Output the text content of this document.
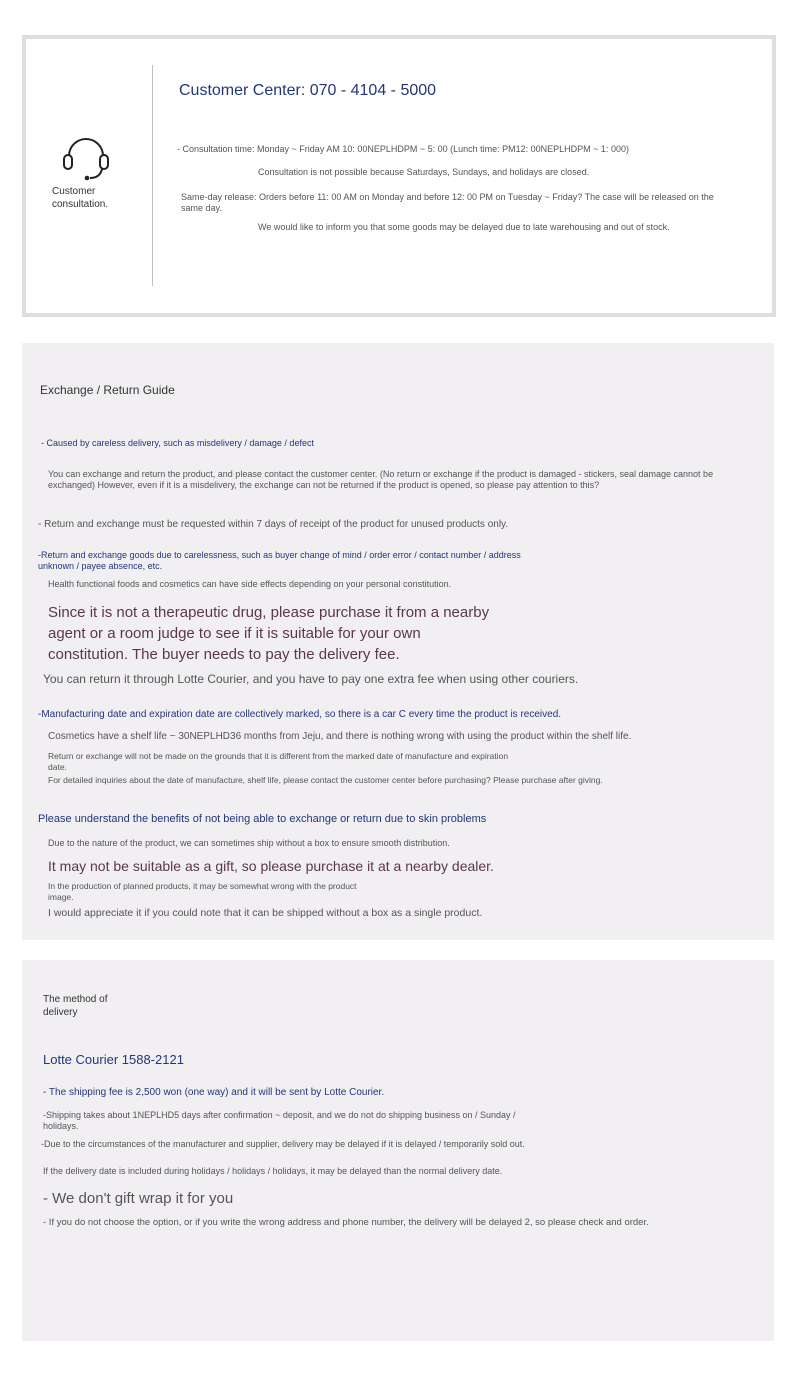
Customer consultation.
Customer Center: 070 - 4104 - 5000
- Consultation time: Monday ~ Friday AM 10: 00NEPLHDPM ~ 5: 00 (Lunch time: PM12: 00NEPLHDPM ~ 1: 000)
Consultation is not possible because Saturdays, Sundays, and holidays are closed.
Same-day release: Orders before 11: 00 AM on Monday and before 12: 00 PM on Tuesday ~ Friday? The case will be released on the same day.
We would like to inform you that some goods may be delayed due to late warehousing and out of stock.
Exchange / Return Guide
- Caused by careless delivery, such as misdelivery / damage / defect
You can exchange and return the product, and please contact the customer center. (No return or exchange if the product is damaged - stickers, seal damage cannot be exchanged) However, even if it is a misdelivery, the exchange can not be returned if the product is opened, so please pay attention to this?
- Return and exchange must be requested within 7 days of receipt of the product for unused products only.
-Return and exchange goods due to carelessness, such as buyer change of mind / order error / contact number / address unknown / payee absence, etc.
Health functional foods and cosmetics can have side effects depending on your personal constitution.
Since it is not a therapeutic drug, please purchase it from a nearby agent or a room judge to see if it is suitable for your own constitution. The buyer needs to pay the delivery fee.
You can return it through Lotte Courier, and you have to pay one extra fee when using other couriers.
-Manufacturing date and expiration date are collectively marked, so there is a car C every time the product is received.
Cosmetics have a shelf life ~ 30NEPLHD36 months from Jeju, and there is nothing wrong with using the product within the shelf life.
Return or exchange will not be made on the grounds that it is different from the marked date of manufacture and expiration date.
For detailed inquiries about the date of manufacture, shelf life, please contact the customer center before purchasing? Please purchase after giving.
Please understand the benefits of not being able to exchange or return due to skin problems
Due to the nature of the product, we can sometimes ship without a box to ensure smooth distribution.
It may not be suitable as a gift, so please purchase it at a nearby dealer.
In the production of planned products, it may be somewhat wrong with the product image.
I would appreciate it if you could note that it can be shipped without a box as a single product.
The method of delivery
Lotte Courier 1588-2121
- The shipping fee is 2,500 won (one way) and it will be sent by Lotte Courier.
-Shipping takes about 1NEPLHD5 days after confirmation ~ deposit, and we do not do shipping business on / Sunday / holidays.
-Due to the circumstances of the manufacturer and supplier, delivery may be delayed if it is delayed / temporarily sold out.
If the delivery date is included during holidays / holidays / holidays, it may be delayed than the normal delivery date.
- We don't gift wrap it for you
- If you do not choose the option, or if you write the wrong address and phone number, the delivery will be delayed 2, so please check and order.
